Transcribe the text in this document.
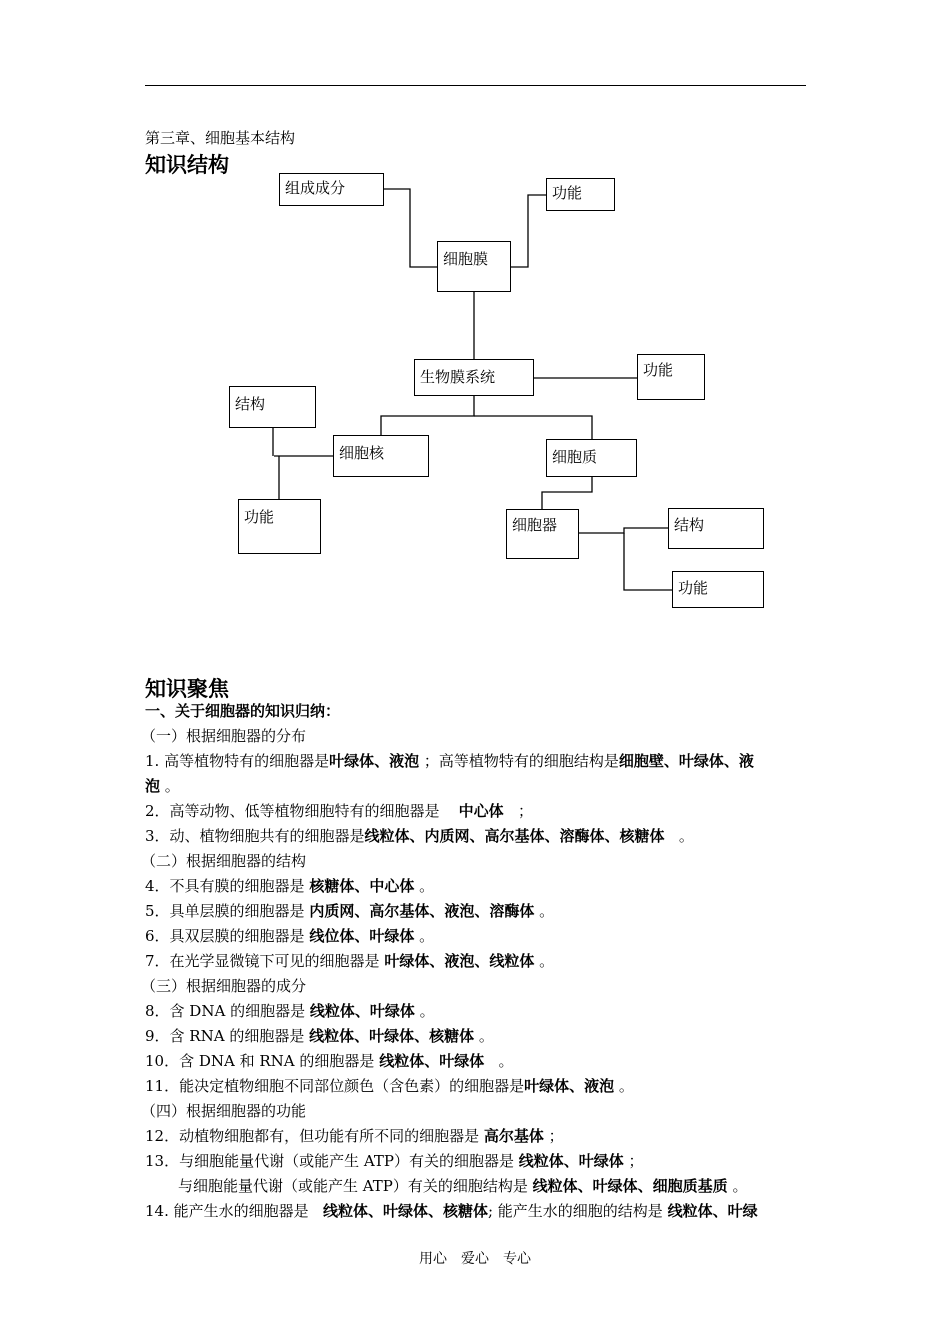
第三章、细胞基本结构
知识结构
组成成分	功能
细胞膜
生物膜系统	功能
结构
细胞核	细胞质
功能	细胞器	结构
功能
知识聚焦
一、关于细胞器的知识归纳：
（一）根据细胞器的分布
1. 高等植物特有的细胞器是叶绿体、液泡 ；高等植物特有的细胞结构是细胞壁、叶绿体、液
泡 。
2．高等动物、低等植物细胞特有的细胞器是 中心体 ；
3．动、植物细胞共有的细胞器是线粒体、内质网、高尔基体、溶酶体、核糖体 。
（二）根据细胞器的结构
4．不具有膜的细胞器是 核糖体、中心体 。
5．具单层膜的细胞器是 内质网、高尔基体、液泡、溶酶体 。
6．具双层膜的细胞器是 线位体、叶绿体 。
7．在光学显微镜下可见的细胞器是 叶绿体、液泡、线粒体 。
（三）根据细胞器的成分
8．含 DNA 的细胞器是 线粒体、叶绿体 。
9．含 RNA 的细胞器是 线粒体、叶绿体、核糖体 。
10．含 DNA 和 RNA 的细胞器是 线粒体、叶绿体 。
11．能决定植物细胞不同部位颜色（含色素）的细胞器是叶绿体、液泡 。
（四）根据细胞器的功能
12．动植物细胞都有，但功能有所不同的细胞器是 高尔基体 ；
13．与细胞能量代谢（或能产生 ATP）有关的细胞器是 线粒体、叶绿体 ；
与细胞能量代谢（或能产生 ATP）有关的细胞结构是 线粒体、叶绿体、细胞质基质 。
14. 能产生水的细胞器是 线粒体、叶绿体、核糖体; 能产生水的细胞的结构是 线粒体、叶绿
用心　爱心　专心
